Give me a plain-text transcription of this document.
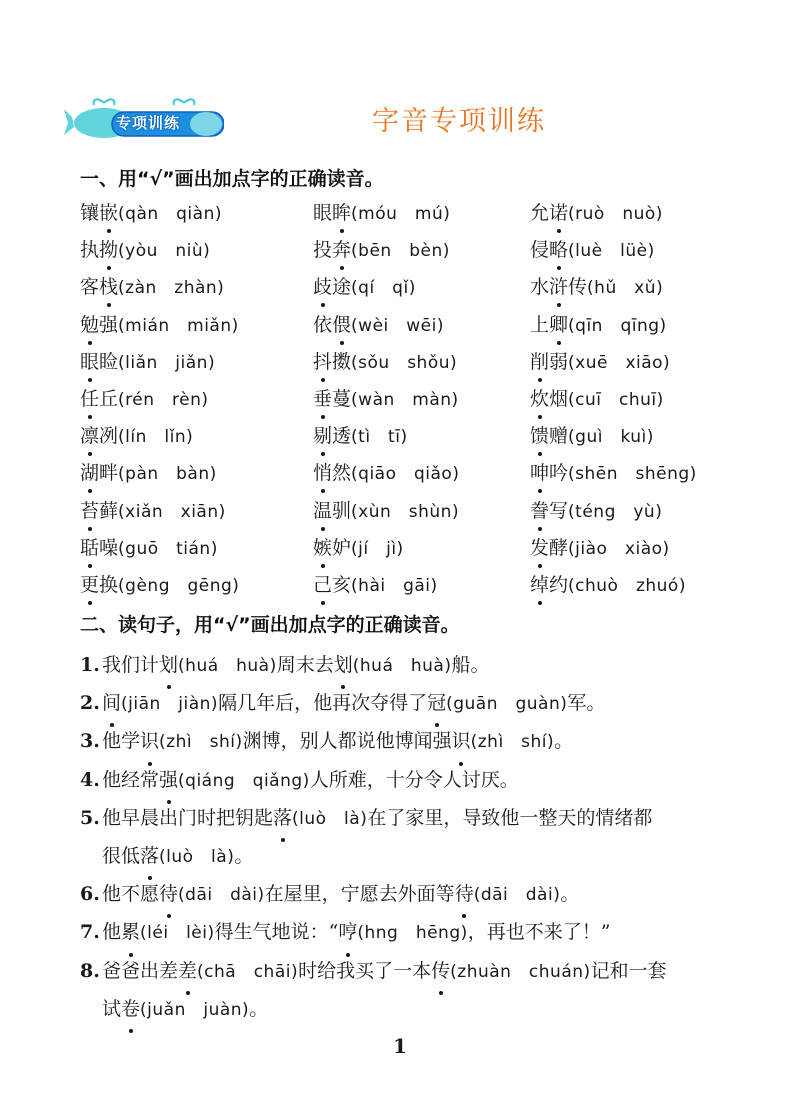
专项训练	字音专项训练
一、用“√”画出加点字的正确读音。
镶嵌(qàn　qiàn)	眼眸(móu　mú)	允诺(ruò　nuò)
执拗(yòu　niù)	投奔(bēn　bèn)	侵略(luè　lüè)
客栈(zàn　zhàn)	歧途(qí　qǐ)	水浒传(hǔ　xǔ)
勉强(mián　miǎn)	依偎(wèi　wēi)	上卿(qīn　qīng)
眼睑(liǎn　jiǎn)	抖擞(sǒu　shǒu)	削弱(xuē　xiāo)
任丘(rén　rèn)	垂蔓(wàn　màn)	炊烟(cuī　chuī)
凛冽(lín　lǐn)	剔透(tì　tī)	馈赠(guì　kuì)
湖畔(pàn　bàn)	悄然(qiāo　qiǎo)	呻吟(shēn　shēng)
苔藓(xiǎn　xiān)	温驯(xùn　shùn)	誊写(téng　yù)
聒噪(guō　tián)	嫉妒(jí　jì)	发酵(jiào　xiào)
更换(gèng　gēng)	己亥(hài　gāi)	绰约(chuò　zhuó)
二、读句子，用“√”画出加点字的正确读音。
1. 我们计划(huá　huà)周末去划(huá　huà)船。
2. 间(jiān　jiàn)隔几年后，他再次夺得了冠(guān　guàn)军。
3. 他学识(zhì　shí)渊博，别人都说他博闻强识(zhì　shí)。
4. 他经常强(qiáng　qiǎng)人所难，十分令人讨厌。
5. 他早晨出门时把钥匙落(luò　là)在了家里，导致他一整天的情绪都
很低落(luò　là)。
6. 他不愿待(dāi　dài)在屋里，宁愿去外面等待(dāi　dài)。
7. 他累(léi　lèi)得生气地说：“哼(hng　hēng)，再也不来了！”
8. 爸爸出差差(chā　chāi)时给我买了一本传(zhuàn　chuán)记和一套
试卷(juǎn　juàn)。
1
